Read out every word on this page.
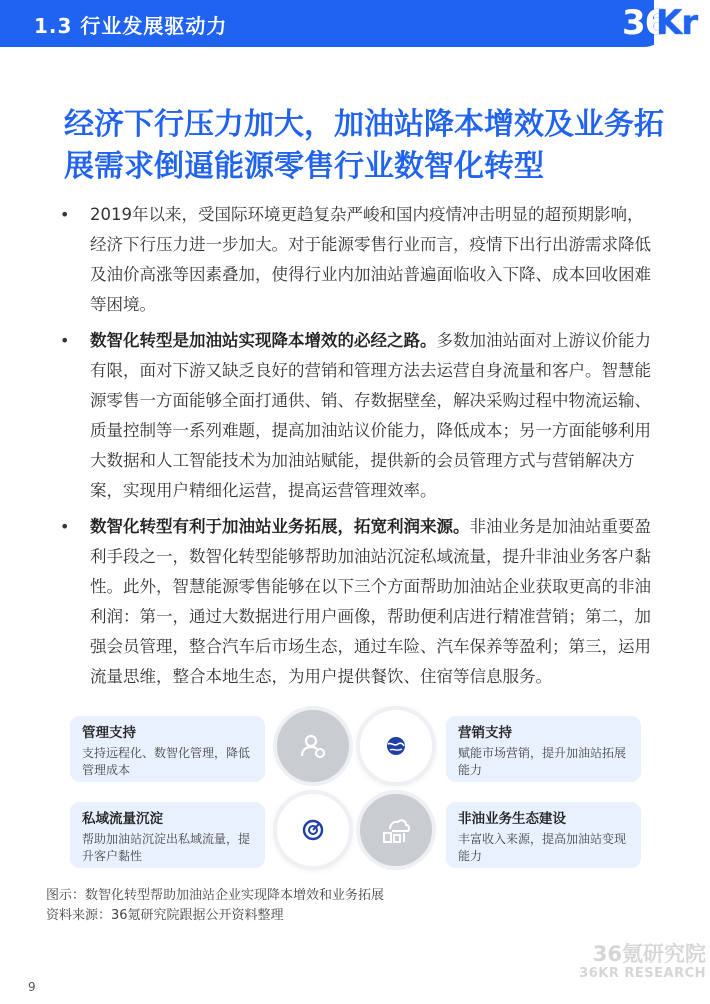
1.3 行业发展驱动力	36
Kr
经济下行压力加大，加油站降本增效及业务拓
展需求倒逼能源零售行业数智化转型
• 2019年以来，受国际环境更趋复杂严峻和国内疫情冲击明显的超预期影响，经济下行压力进一步加大。对于能源零售行业而言，疫情下出行出游需求降低及油价高涨等因素叠加，使得行业内加油站普遍面临收入下降、成本回收困难等困境。
• 数智化转型是加油站实现降本增效的必经之路。多数加油站面对上游议价能力有限，面对下游又缺乏良好的营销和管理方法去运营自身流量和客户。智慧能源零售一方面能够全面打通供、销、存数据壁垒，解决采购过程中物流运输、质量控制等一系列难题，提高加油站议价能力，降低成本；另一方面能够利用大数据和人工智能技术为加油站赋能，提供新的会员管理方式与营销解决方案，实现用户精细化运营，提高运营管理效率。
• 数智化转型有利于加油站业务拓展，拓宽利润来源。非油业务是加油站重要盈利手段之一，数智化转型能够帮助加油站沉淀私域流量，提升非油业务客户黏性。此外，智慧能源零售能够在以下三个方面帮助加油站企业获取更高的非油利润：第一，通过大数据进行用户画像，帮助便利店进行精准营销；第二，加强会员管理，整合汽车后市场生态，通过车险、汽车保养等盈利；第三，运用流量思维，整合本地生态，为用户提供餐饮、住宿等信息服务。
管理支持
支持远程化、数智化管理，降低管理成本
营销支持
赋能市场营销，提升加油站拓展能力
私域流量沉淀
帮助加油站沉淀出私域流量，提升客户黏性
非油业务生态建设
丰富收入来源，提高加油站变现能力
图示：数智化转型帮助加油站企业实现降本增效和业务拓展
资料来源：36氪研究院跟据公开资料整理
36氪研究院
36KR RESEARCH
9
